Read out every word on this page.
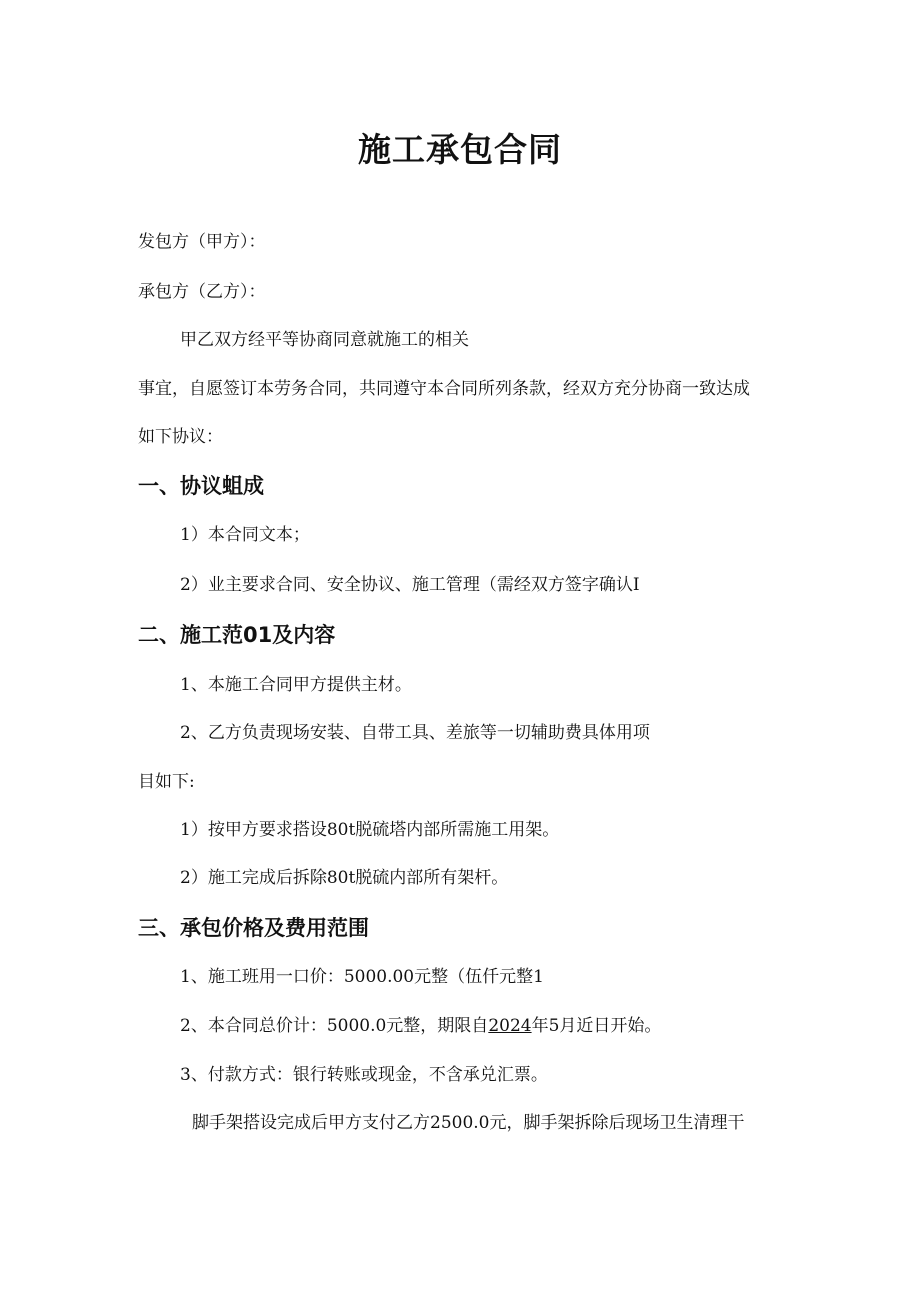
施工承包合同

发包方（甲方）：

承包方（乙方）：

甲乙双方经平等协商同意就施工的相关

事宜，自愿签订本劳务合同，共同遵守本合同所列条款，经双方充分协商一致达成

如下协议：

一、协议蛆成

1）本合同文本；

2）业主要求合同、安全协议、施工管理（需经双方签字确认I

二、施工范01及内容

1、本施工合同甲方提供主材。

2、乙方负责现场安装、自带工具、差旅等一切辅助费具体用项

目如下:

1）按甲方要求搭设80t脱硫塔内部所需施工用架。

2）施工完成后拆除80t脱硫内部所有架杆。

三、承包价格及费用范围

1、施工班用一口价：5000.00元整（伍仟元整1

2、本合同总价计：5000.0元整，期限自2024年5月近日开始。

3、付款方式：银行转账或现金，不含承兑汇票。

脚手架搭设完成后甲方支付乙方2500.0元，脚手架拆除后现场卫生清理干
